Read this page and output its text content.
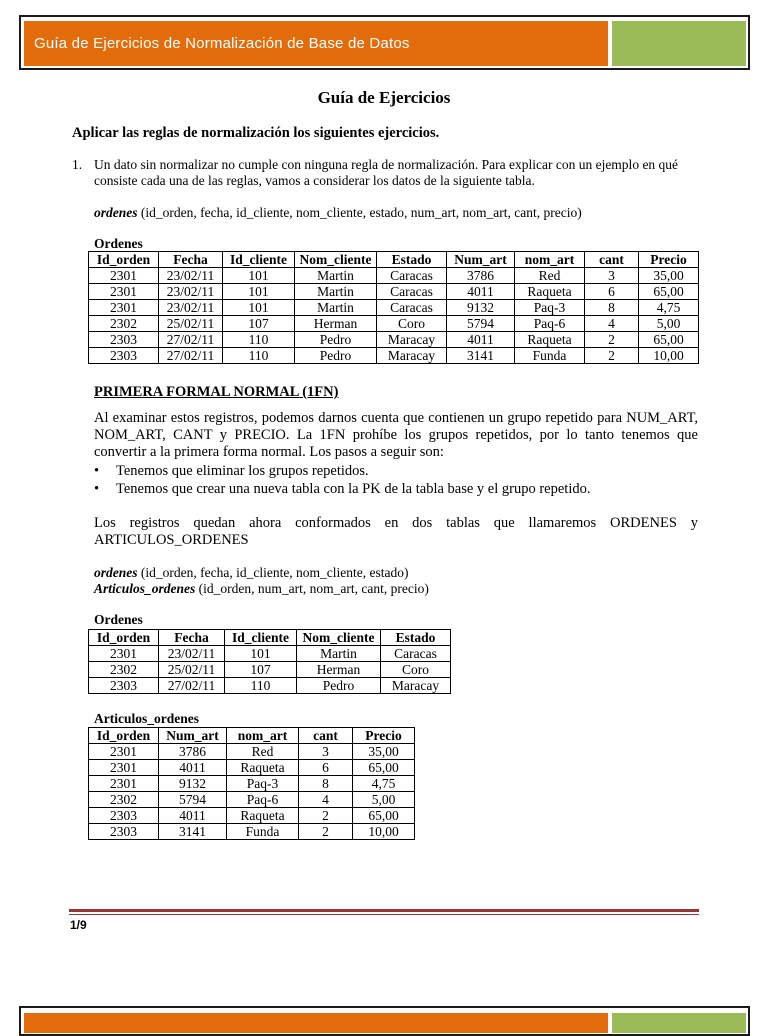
Guía de Ejercicios de Normalización de Base de Datos
Guía de Ejercicios
Aplicar las reglas de normalización los siguientes ejercicios.
1. Un dato sin normalizar no cumple con ninguna regla de normalización. Para explicar con un ejemplo en qué consiste cada una de las reglas, vamos a considerar los datos de la siguiente tabla.
ordenes (id_orden, fecha, id_cliente, nom_cliente, estado, num_art, nom_art, cant, precio)
Ordenes
Id_orden	Fecha	Id_cliente	Nom_cliente	Estado	Num_art	nom_art	cant	Precio
2301	23/02/11	101	Martin	Caracas	3786	Red	3	35,00
2301	23/02/11	101	Martin	Caracas	4011	Raqueta	6	65,00
2301	23/02/11	101	Martin	Caracas	9132	Paq-3	8	4,75
2302	25/02/11	107	Herman	Coro	5794	Paq-6	4	5,00
2303	27/02/11	110	Pedro	Maracay	4011	Raqueta	2	65,00
2303	27/02/11	110	Pedro	Maracay	3141	Funda	2	10,00
PRIMERA FORMAL NORMAL (1FN)
Al examinar estos registros, podemos darnos cuenta que contienen un grupo repetido para NUM_ART, NOM_ART, CANT y PRECIO. La 1FN prohíbe los grupos repetidos, por lo tanto tenemos que convertir a la primera forma normal. Los pasos a seguir son:
• Tenemos que eliminar los grupos repetidos.
• Tenemos que crear una nueva tabla con la PK de la tabla base y el grupo repetido.
Los registros quedan ahora conformados en dos tablas que llamaremos ORDENES y ARTICULOS_ORDENES
ordenes (id_orden, fecha, id_cliente, nom_cliente, estado)
Articulos_ordenes (id_orden, num_art, nom_art, cant, precio)
Ordenes
Id_orden	Fecha	Id_cliente	Nom_cliente	Estado
2301	23/02/11	101	Martin	Caracas
2302	25/02/11	107	Herman	Coro
2303	27/02/11	110	Pedro	Maracay
Articulos_ordenes
Id_orden	Num_art	nom_art	cant	Precio
2301	3786	Red	3	35,00
2301	4011	Raqueta	6	65,00
2301	9132	Paq-3	8	4,75
2302	5794	Paq-6	4	5,00
2303	4011	Raqueta	2	65,00
2303	3141	Funda	2	10,00
1/9
